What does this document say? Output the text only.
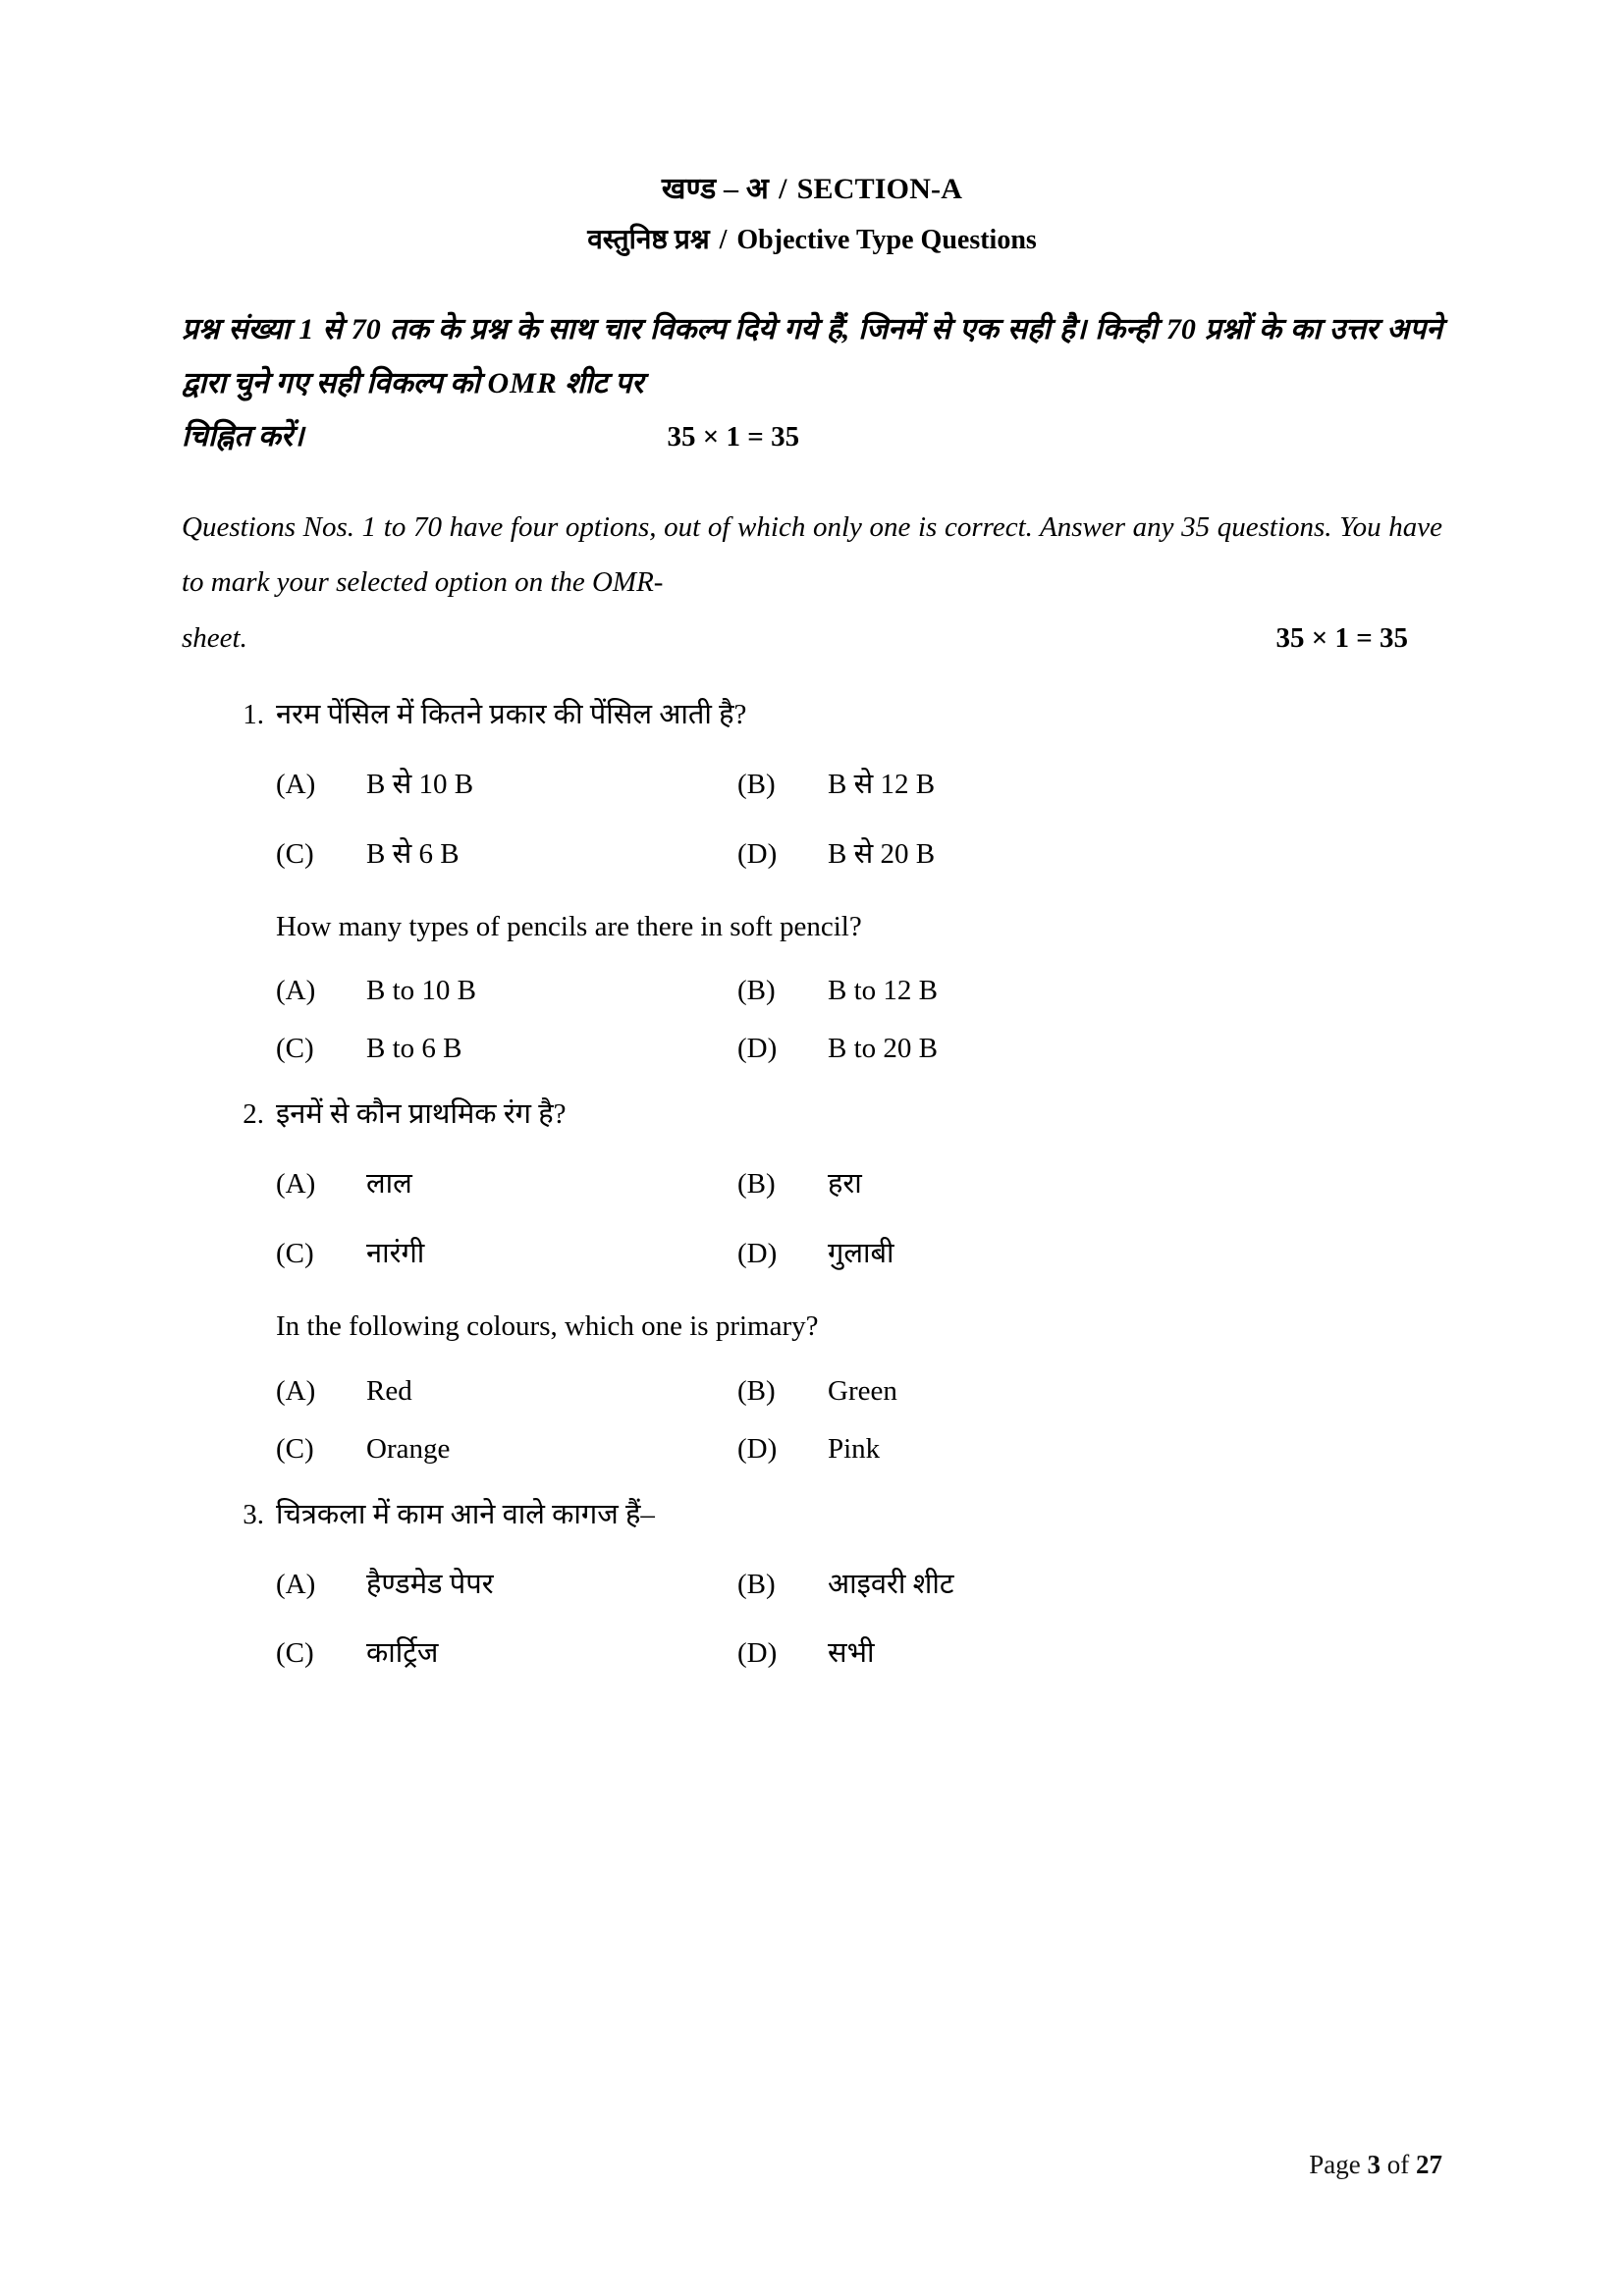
खण्ड – अ / SECTION-A
वस्तुनिष्ठ प्रश्न / Objective Type Questions
प्रश्न संख्या 1 से 70 तक के प्रश्न के साथ चार विकल्प दिये गये हैं, जिनमें से एक सही है। किन्ही 70 प्रश्नों के का उत्तर अपने द्वारा चुने गए सही विकल्प को OMR शीट पर
चिह्नित करें।	35 × 1 = 35
Questions Nos. 1 to 70 have four options, out of which only one is correct. Answer any 35 questions. You have to mark your selected option on the OMR-
sheet.	35 × 1 = 35
1. नरम पेंसिल में कितने प्रकार की पेंसिल आती है?
(A)	B से 10 B	(B)	B से 12 B
(C)	B से 6 B	(D)	B से 20 B
How many types of pencils are there in soft pencil?
(A)	B to 10 B	(B)	B to 12 B
(C)	B to 6 B	(D)	B to 20 B
2. इनमें से कौन प्राथमिक रंग है?
(A)	लाल	(B)	हरा
(C)	नारंगी	(D)	गुलाबी
In the following colours, which one is primary?
(A)	Red	(B)	Green
(C)	Orange	(D)	Pink
3. चित्रकला में काम आने वाले कागज हैं–
(A)	हैण्डमेड पेपर	(B)	आइवरी शीट
(C)	कार्ट्रिज	(D)	सभी
Page 3 of 27
